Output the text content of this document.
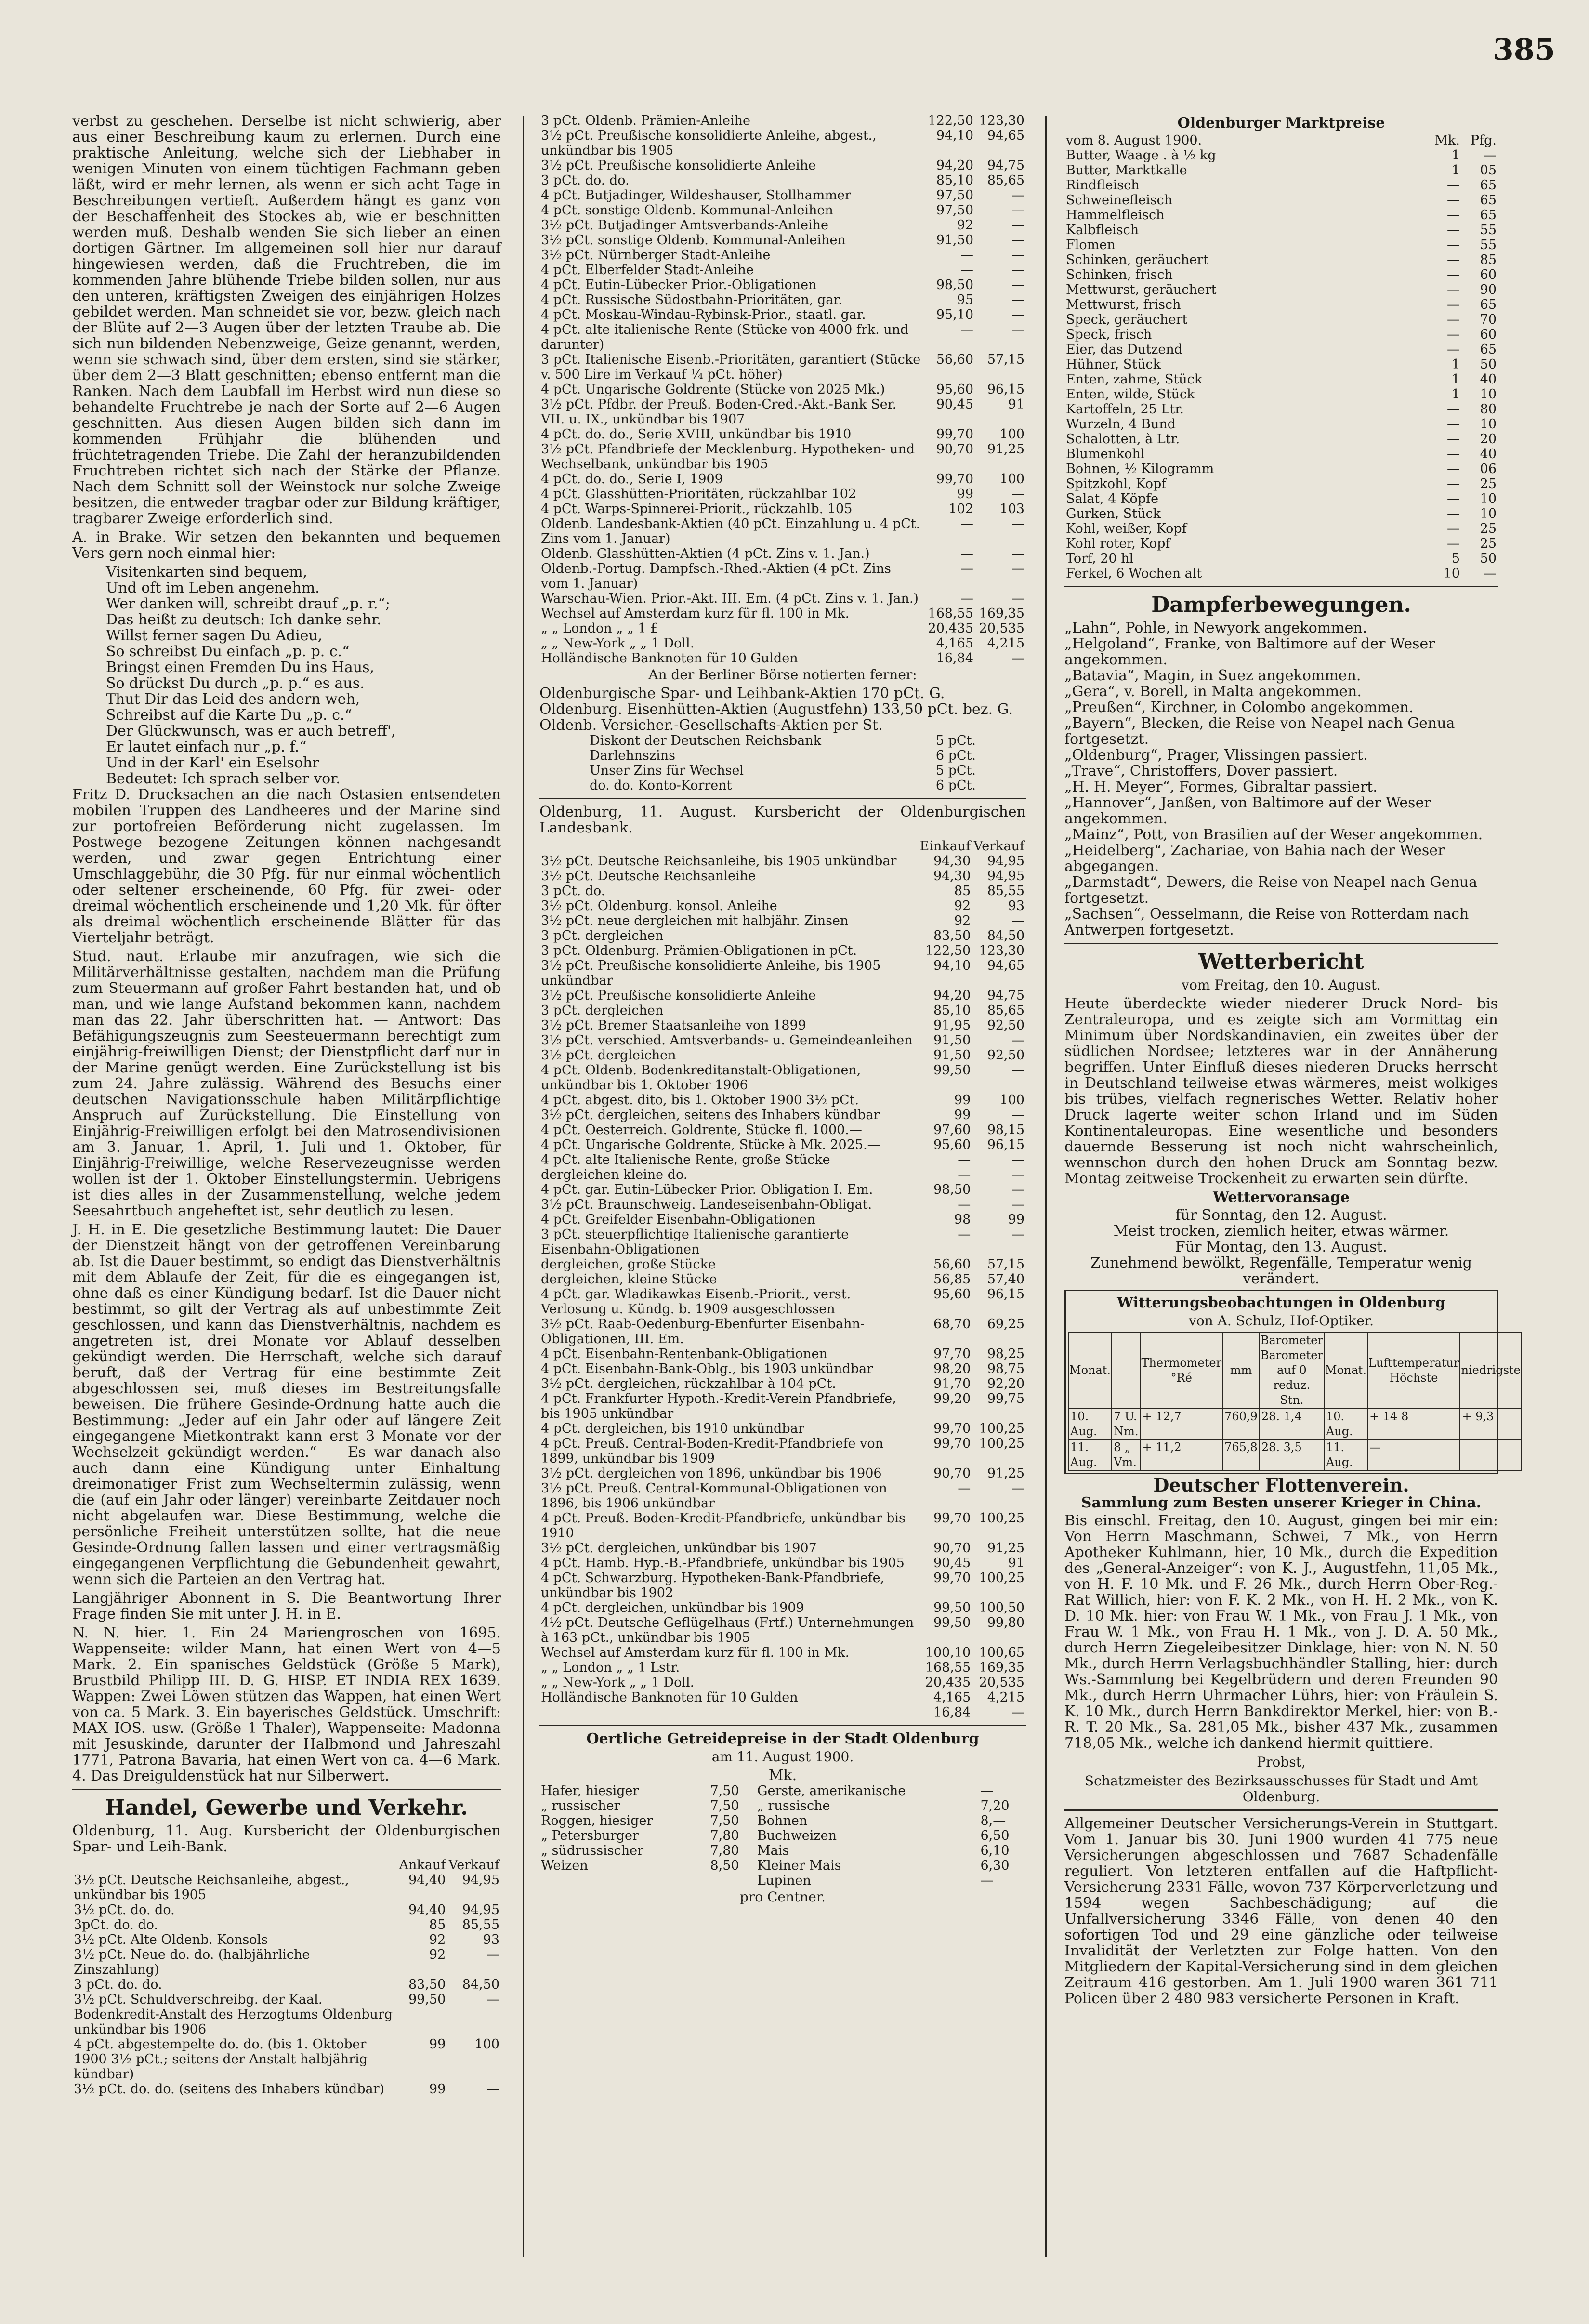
385

verbst zu geschehen. Derselbe ist nicht schwierig, aber aus einer Beschreibung kaum zu erlernen. Durch eine praktische Anleitung, welche sich der Liebhaber in wenigen Minuten von einem tüchtigen Fachmann geben läßt, wird er mehr lernen, als wenn er sich acht Tage in Beschreibungen vertieft. Außerdem hängt es ganz von der Beschaffenheit des Stockes ab, wie er beschnitten werden muß. Deshalb wenden Sie sich lieber an einen dortigen Gärtner. Im allgemeinen soll hier nur darauf hingewiesen werden, daß die Fruchtreben, die im kommenden Jahre blühende Triebe bilden sollen, nur aus den unteren, kräftigsten Zweigen des einjährigen Holzes gebildet werden. Man schneidet sie vor, bezw. gleich nach der Blüte auf 2—3 Augen über der letzten Traube ab. Die sich nun bildenden Nebenzweige, Geize genannt, werden, wenn sie schwach sind, über dem ersten, sind sie stärker, über dem 2—3 Blatt geschnitten; ebenso entfernt man die Ranken. Nach dem Laubfall im Herbst wird nun diese so behandelte Fruchtrebe je nach der Sorte auf 2—6 Augen geschnitten. Aus diesen Augen bilden sich dann im kommenden Frühjahr die blühenden und früchtetragenden Triebe. Die Zahl der heranzubildenden Fruchtreben richtet sich nach der Stärke der Pflanze. Nach dem Schnitt soll der Weinstock nur solche Zweige besitzen, die entweder tragbar oder zur Bildung kräftiger, tragbarer Zweige erforderlich sind.

A. in Brake. Wir setzen den bekannten und bequemen Vers gern noch einmal hier:

Visitenkarten sind bequem,
Und oft im Leben angenehm.
Wer danken will, schreibt drauf „p. r.“;
Das heißt zu deutsch: Ich danke sehr.
Willst ferner sagen Du Adieu,
So schreibst Du einfach „p. p. c.“
Bringst einen Fremden Du ins Haus,
So drückst Du durch „p. p.“ es aus.
Thut Dir das Leid des andern weh,
Schreibst auf die Karte Du „p. c.“
Der Glückwunsch, was er auch betreff',
Er lautet einfach nur „p. f.“
Und in der Karl' ein Eselsohr
Bedeutet: Ich sprach selber vor.

Fritz D. Drucksachen an die nach Ostasien entsendeten mobilen Truppen des Landheeres und der Marine sind zur portofreien Beförderung nicht zugelassen. Im Postwege bezogene Zeitungen können nachgesandt werden, und zwar gegen Entrichtung einer Umschlaggebühr, die 30 Pfg. für nur einmal wöchentlich oder seltener erscheinende, 60 Pfg. für zwei- oder dreimal wöchentlich erscheinende und 1,20 Mk. für öfter als dreimal wöchentlich erscheinende Blätter für das Vierteljahr beträgt.

Stud. naut. Erlaube mir anzufragen, wie sich die Militärverhältnisse gestalten, nachdem man die Prüfung zum Steuermann auf großer Fahrt bestanden hat, und ob man, und wie lange Aufstand bekommen kann, nachdem man das 22. Jahr überschritten hat. — Antwort: Das Befähigungszeugnis zum Seesteuermann berechtigt zum einjährig-freiwilligen Dienst; der Dienstpflicht darf nur in der Marine genügt werden. Eine Zurückstellung ist bis zum 24. Jahre zulässig. Während des Besuchs einer deutschen Navigationsschule haben Militärpflichtige Anspruch auf Zurückstellung. Die Einstellung von Einjährig-Freiwilligen erfolgt bei den Matrosendivisionen am 3. Januar, 1. April, 1. Juli und 1. Oktober, für Einjährig-Freiwillige, welche Reservezeugnisse werden wollen ist der 1. Oktober Einstellungstermin. Uebrigens ist dies alles in der Zusammenstellung, welche jedem Seesahrtbuch angeheftet ist, sehr deutlich zu lesen.

J. H. in E. Die gesetzliche Bestimmung lautet: Die Dauer der Dienstzeit hängt von der getroffenen Vereinbarung ab. Ist die Dauer bestimmt, so endigt das Dienstverhältnis mit dem Ablaufe der Zeit, für die es eingegangen ist, ohne daß es einer Kündigung bedarf. Ist die Dauer nicht bestimmt, so gilt der Vertrag als auf unbestimmte Zeit geschlossen, und kann das Dienstverhältnis, nachdem es angetreten ist, drei Monate vor Ablauf desselben gekündigt werden. Die Herrschaft, welche sich darauf beruft, daß der Vertrag für eine bestimmte Zeit abgeschlossen sei, muß dieses im Bestreitungsfalle beweisen. Die frühere Gesinde-Ordnung hatte auch die Bestimmung: „Jeder auf ein Jahr oder auf längere Zeit eingegangene Mietkontrakt kann erst 3 Monate vor der Wechselzeit gekündigt werden.“ — Es war danach also auch dann eine Kündigung unter Einhaltung dreimonatiger Frist zum Wechseltermin zulässig, wenn die (auf ein Jahr oder länger) vereinbarte Zeitdauer noch nicht abgelaufen war. Diese Bestimmung, welche die persönliche Freiheit unterstützen sollte, hat die neue Gesinde-Ordnung fallen lassen und einer vertragsmäßig eingegangenen Verpflichtung die Gebundenheit gewahrt, wenn sich die Parteien an den Vertrag hat.

Langjähriger Abonnent in S. Die Beantwortung Ihrer Frage finden Sie mit unter J. H. in E.

N. N. hier. 1. Ein 24 Mariengroschen von 1695. Wappenseite: wilder Mann, hat einen Wert von 4—5 Mark. 2. Ein spanisches Geldstück (Größe 5 Mark), Brustbild Philipp III. D. G. HISP. ET INDIA REX 1639. Wappen: Zwei Löwen stützen das Wappen, hat einen Wert von ca. 5 Mark. 3. Ein bayerisches Geldstück. Umschrift: MAX IOS. usw. (Größe 1 Thaler), Wappenseite: Madonna mit Jesuskinde, darunter der Halbmond und Jahreszahl 1771, Patrona Bavaria, hat einen Wert von ca. 4—6 Mark. 4. Das Dreiguldenstück hat nur Silberwert.

Handel, Gewerbe und Verkehr.

Oldenburg, 11. Aug. Kursbericht der Oldenburgischen Spar- und Leih-Bank.

	Ankauf	Verkauf
3½ pCt. Deutsche Reichsanleihe, abgest., unkündbar bis 1905	94,40	94,95
3½ pCt. do. do.	94,40	94,95
3pCt. do. do.	85	85,55
3½ pCt. Alte Oldenb. Konsols	92	93
3½ pCt. Neue do. do. (halbjährliche Zinszahlung)	92	—
3 pCt. do. do.	83,50	84,50
3½ pCt. Schuldverschreibg. der Kaal. Bodenkredit-Anstalt des Herzogtums Oldenburg unkündbar bis 1906	99,50	—
4 pCt. abgestempelte do. do. (bis 1. Oktober 1900 3½ pCt.; seitens der Anstalt halbjährig kündbar)	99	100
3½ pCt. do. do. (seitens des Inhabers kündbar)	99	—
3 pCt. Oldenb. Prämien-Anleihe	122,50	123,30
3½ pCt. Preußische konsolidierte Anleihe, abgest., unkündbar bis 1905	94,10	94,65
3½ pCt. Preußische konsolidierte Anleihe	94,20	94,75
3 pCt. do. do.	85,10	85,65
4 pCt. Butjadinger, Wildeshauser, Stollhammer	97,50	—
4 pCt. sonstige Oldenb. Kommunal-Anleihen	97,50	—
3½ pCt. Butjadinger Amtsverbands-Anleihe	92	—
3½ pCt. sonstige Oldenb. Kommunal-Anleihen	91,50	—
3½ pCt. Nürnberger Stadt-Anleihe	—	—
4 pCt. Elberfelder Stadt-Anleihe	—	—
4 pCt. Eutin-Lübecker Prior.-Obligationen	98,50	—
4 pCt. Russische Südostbahn-Prioritäten, gar.	95	—
4 pCt. Moskau-Windau-Rybinsk-Prior., staatl. gar.	95,10	—
4 pCt. alte italienische Rente (Stücke von 4000 frk. und darunter)	—	—
3 pCt. Italienische Eisenb.-Prioritäten, garantiert (Stücke v. 500 Lire im Verkauf ¼ pCt. höher)	56,60	57,15
4 pCt. Ungarische Goldrente (Stücke von 2025 Mk.)	95,60	96,15
3½ pCt. Pfdbr. der Preuß. Boden-Cred.-Akt.-Bank Ser. VII. u. IX., unkündbar bis 1907	90,45	91
4 pCt. do. do., Serie XVIII, unkündbar bis 1910	99,70	100
3½ pCt. Pfandbriefe der Mecklenburg. Hypotheken- und Wechselbank, unkündbar bis 1905	90,70	91,25
4 pCt. do. do., Serie I, 1909	99,70	100
4 pCt. Glasshütten-Prioritäten, rückzahlbar 102	99	—
4 pCt. Warps-Spinnerei-Priorit., rückzahlb. 105	102	103
Oldenb. Landesbank-Aktien (40 pCt. Einzahlung u. 4 pCt. Zins vom 1. Januar)	—	—
Oldenb. Glasshütten-Aktien (4 pCt. Zins v. 1. Jan.)	—	—
Oldenb.-Portug. Dampfsch.-Rhed.-Aktien (4 pCt. Zins vom 1. Januar)	—	—
Warschau-Wien. Prior.-Akt. III. Em. (4 pCt. Zins v. 1. Jan.)	—	—
Wechsel auf Amsterdam kurz für fl. 100 in Mk.	168,55	169,35
„ „ London „ „ 1 £	20,435	20,535
„ „ New-York „ „ 1 Doll.	4,165	4,215
Holländische Banknoten für 10 Gulden	16,84	—
An der Berliner Börse notierten ferner:
Oldenburgische Spar- und Leihbank-Aktien 170 pCt. G.
Oldenburg. Eisenhütten-Aktien (Augustfehn) 133,50 pCt. bez. G.
Oldenb. Versicher.-Gesellschafts-Aktien per St. —
Diskont der Deutschen Reichsbank	5 pCt.
Darlehnszins	6 pCt.
Unser Zins für Wechsel	5 pCt.
do. do. Konto-Korrent	6 pCt.

Oldenburg, 11. August. Kursbericht der Oldenburgischen Landesbank.

	Einkauf	Verkauf
3½ pCt. Deutsche Reichsanleihe, bis 1905 unkündbar	94,30	94,95
3½ pCt. Deutsche Reichsanleihe	94,30	94,95
3 pCt. do.	85	85,55
3½ pCt. Oldenburg. konsol. Anleihe	92	93
3½ pCt. neue dergleichen mit halbjähr. Zinsen	92	—
3 pCt. dergleichen	83,50	84,50
3 pCt. Oldenburg. Prämien-Obligationen in pCt.	122,50	123,30
3½ pCt. Preußische konsolidierte Anleihe, bis 1905 unkündbar	94,10	94,65
3½ pCt. Preußische konsolidierte Anleihe	94,20	94,75
3 pCt. dergleichen	85,10	85,65
3½ pCt. Bremer Staatsanleihe von 1899	91,95	92,50
3½ pCt. verschied. Amtsverbands- u. Gemeindeanleihen	91,50	—
3½ pCt. dergleichen	91,50	92,50
4 pCt. Oldenb. Bodenkreditanstalt-Obligationen, unkündbar bis 1. Oktober 1906	99,50	—
4 pCt. abgest. dito, bis 1. Oktober 1900 3½ pCt.	99	100
3½ pCt. dergleichen, seitens des Inhabers kündbar	99	—
4 pCt. Oesterreich. Goldrente, Stücke fl. 1000.—	97,60	98,15
4 pCt. Ungarische Goldrente, Stücke à Mk. 2025.—	95,60	96,15
4 pCt. alte Italienische Rente, große Stücke	—	—
dergleichen kleine do.	—	—
4 pCt. gar. Eutin-Lübecker Prior. Obligation I. Em.	98,50	—
3½ pCt. Braunschweig. Landeseisenbahn-Obligat.	—	—
4 pCt. Greifelder Eisenbahn-Obligationen	98	99
3 pCt. steuerpflichtige Italienische garantierte Eisenbahn-Obligationen	—	—
dergleichen, große Stücke	56,60	57,15
dergleichen, kleine Stücke	56,85	57,40
4 pCt. gar. Wladikawkas Eisenb.-Priorit., verst. Verlosung u. Kündg. b. 1909 ausgeschlossen	95,60	96,15
3½ pCt. Raab-Oedenburg-Ebenfurter Eisenbahn-Obligationen, III. Em.	68,70	69,25
4 pCt. Eisenbahn-Rentenbank-Obligationen	97,70	98,25
4 pCt. Eisenbahn-Bank-Oblg., bis 1903 unkündbar	98,20	98,75
3½ pCt. dergleichen, rückzahlbar à 104 pCt.	91,70	92,20
4 pCt. Frankfurter Hypoth.-Kredit-Verein Pfandbriefe, bis 1905 unkündbar	99,20	99,75
4 pCt. dergleichen, bis 1910 unkündbar	99,70	100,25
4 pCt. Preuß. Central-Boden-Kredit-Pfandbriefe von 1899, unkündbar bis 1909	99,70	100,25
3½ pCt. dergleichen von 1896, unkündbar bis 1906	90,70	91,25
3½ pCt. Preuß. Central-Kommunal-Obligationen von 1896, bis 1906 unkündbar	—	—
4 pCt. Preuß. Boden-Kredit-Pfandbriefe, unkündbar bis 1910	99,70	100,25
3½ pCt. dergleichen, unkündbar bis 1907	90,70	91,25
4 pCt. Hamb. Hyp.-B.-Pfandbriefe, unkündbar bis 1905	90,45	91
4 pCt. Schwarzburg. Hypotheken-Bank-Pfandbriefe, unkündbar bis 1902	99,70	100,25
4 pCt. dergleichen, unkündbar bis 1909	99,50	100,50
4½ pCt. Deutsche Geflügelhaus (Frtf.) Unternehmungen à 163 pCt., unkündbar bis 1905	99,50	99,80
Wechsel auf Amsterdam kurz für fl. 100 in Mk.	100,10	100,65
„ „ London „ „ 1 Lstr.	168,55	169,35
„ „ New-York „ „ 1 Doll.	20,435	20,535
Holländische Banknoten für 10 Gulden	4,165	4,215
	16,84	—
Oertliche Getreidepreise in der Stadt Oldenburg
am 11. August 1900.
Mk.
Hafer, hiesiger	7,50	Gerste, amerikanische	—
„ russischer	7,50	„ russische	7,20
Roggen, hiesiger	7,50	Bohnen	8,—
„ Petersburger	7,80	Buchweizen	6,50
„ südrussischer	7,80	Mais	6,10
Weizen	8,50	Kleiner Mais	6,30
		Lupinen	—
pro Centner.
Oldenburger Marktpreise
vom 8. August 1900.	Mk.	Pfg.
Butter, Waage . à ½ kg	1	—
Butter, Marktkalle	1	05
Rindfleisch	—	65
Schweinefleisch	—	65
Hammelfleisch	—	65
Kalbfleisch	—	55
Flomen	—	55
Schinken, geräuchert	—	85
Schinken, frisch	—	60
Mettwurst, geräuchert	—	90
Mettwurst, frisch	—	65
Speck, geräuchert	—	70
Speck, frisch	—	60
Eier, das Dutzend	—	65
Hühner, Stück	1	50
Enten, zahme, Stück	1	40
Enten, wilde, Stück	1	10
Kartoffeln, 25 Ltr.	—	80
Wurzeln, 4 Bund	—	10
Schalotten, à Ltr.	—	20
Blumenkohl	—	40
Bohnen, ½ Kilogramm	—	06
Spitzkohl, Kopf	—	25
Salat, 4 Köpfe	—	10
Gurken, Stück	—	10
Kohl, weißer, Kopf	—	25
Kohl roter, Kopf	—	25
Torf, 20 hl	5	50
Ferkel, 6 Wochen alt	10	—
Dampferbewegungen.
„Lahn“, Pohle, in Newyork angekommen.
„Helgoland“, Franke, von Baltimore auf der Weser angekommen.
„Batavia“, Magin, in Suez angekommen.
„Gera“, v. Borell, in Malta angekommen.
„Preußen“, Kirchner, in Colombo angekommen.
„Bayern“, Blecken, die Reise von Neapel nach Genua fortgesetzt.
„Oldenburg“, Prager, Vlissingen passiert.
„Trave“, Christoffers, Dover passiert.
„H. H. Meyer“, Formes, Gibraltar passiert.
„Hannover“, Janßen, von Baltimore auf der Weser angekommen.
„Mainz“, Pott, von Brasilien auf der Weser angekommen.
„Heidelberg“, Zachariae, von Bahia nach der Weser abgegangen.
„Darmstadt“, Dewers, die Reise von Neapel nach Genua fortgesetzt.
„Sachsen“, Oesselmann, die Reise von Rotterdam nach Antwerpen fortgesetzt.
Wetterbericht
vom Freitag, den 10. August.

Heute überdeckte wieder niederer Druck Nord- bis Zentraleuropa, und es zeigte sich am Vormittag ein Minimum über Nordskandinavien, ein zweites über der südlichen Nordsee; letzteres war in der Annäherung begriffen. Unter Einfluß dieses niederen Drucks herrscht in Deutschland teilweise etwas wärmeres, meist wolkiges bis trübes, vielfach regnerisches Wetter. Relativ hoher Druck lagerte weiter schon Irland und im Süden Kontinentaleuropas. Eine wesentliche und besonders dauernde Besserung ist noch nicht wahrscheinlich, wennschon durch den hohen Druck am Sonntag bezw. Montag zeitweise Trockenheit zu erwarten sein dürfte.

Wettervoransage
für Sonntag, den 12. August.
Meist trocken, ziemlich heiter, etwas wärmer.
Für Montag, den 13. August.
Zunehmend bewölkt, Regenfälle, Temperatur wenig verändert.
Witterungsbeobachtungen in Oldenburg
von A. Schulz, Hof-Optiker.
Monat.		Thermometer °Ré	mm	Barometer Barometer auf 0 reduz. Stn.	Monat.	Lufttemperatur Höchste	niedrigste
10. Aug.	7 U. Nm.	+ 12,7	760,9	28. 1,4	10. Aug.	+ 14 8	+ 9,3
11. Aug.	8 „ Vm.	+ 11,2	765,8	28. 3,5	11. Aug.	—	
Deutscher Flottenverein.
Sammlung zum Besten unserer Krieger in China.

Bis einschl. Freitag, den 10. August, gingen bei mir ein: Von Herrn Maschmann, Schwei, 7 Mk., von Herrn Apotheker Kuhlmann, hier, 10 Mk., durch die Expedition des „General-Anzeiger“: von K. J., Augustfehn, 11,05 Mk., von H. F. 10 Mk. und F. 26 Mk., durch Herrn Ober-Reg.-Rat Willich, hier: von F. K. 2 Mk., von H. H. 2 Mk., von K. D. 10 Mk. hier: von Frau W. 1 Mk., von Frau J. 1 Mk., von Frau W. 1 Mk., von Frau H. 1 Mk., von J. D. A. 50 Mk., durch Herrn Ziegeleibesitzer Dinklage, hier: von N. N. 50 Mk., durch Herrn Verlagsbuchhändler Stalling, hier: durch Ws.-Sammlung bei Kegelbrüdern und deren Freunden 90 Mk., durch Herrn Uhrmacher Lührs, hier: von Fräulein S. K. 10 Mk., durch Herrn Bankdirektor Merkel, hier: von B.-R. T. 20 Mk., Sa. 281,05 Mk., bisher 437 Mk., zusammen 718,05 Mk., welche ich dankend hiermit quittiere.

Probst,
Schatzmeister des Bezirksausschusses für Stadt und Amt Oldenburg.

Allgemeiner Deutscher Versicherungs-Verein in Stuttgart. Vom 1. Januar bis 30. Juni 1900 wurden 41 775 neue Versicherungen abgeschlossen und 7687 Schadenfälle reguliert. Von letzteren entfallen auf die Haftpflicht-Versicherung 2331 Fälle, wovon 737 Körperverletzung und 1594 wegen Sachbeschädigung; auf die Unfallversicherung 3346 Fälle, von denen 40 den sofortigen Tod und 29 eine gänzliche oder teilweise Invalidität der Verletzten zur Folge hatten. Von den Mitgliedern der Kapital-Versicherung sind in dem gleichen Zeitraum 416 gestorben. Am 1. Juli 1900 waren 361 711 Policen über 2 480 983 versicherte Personen in Kraft.
